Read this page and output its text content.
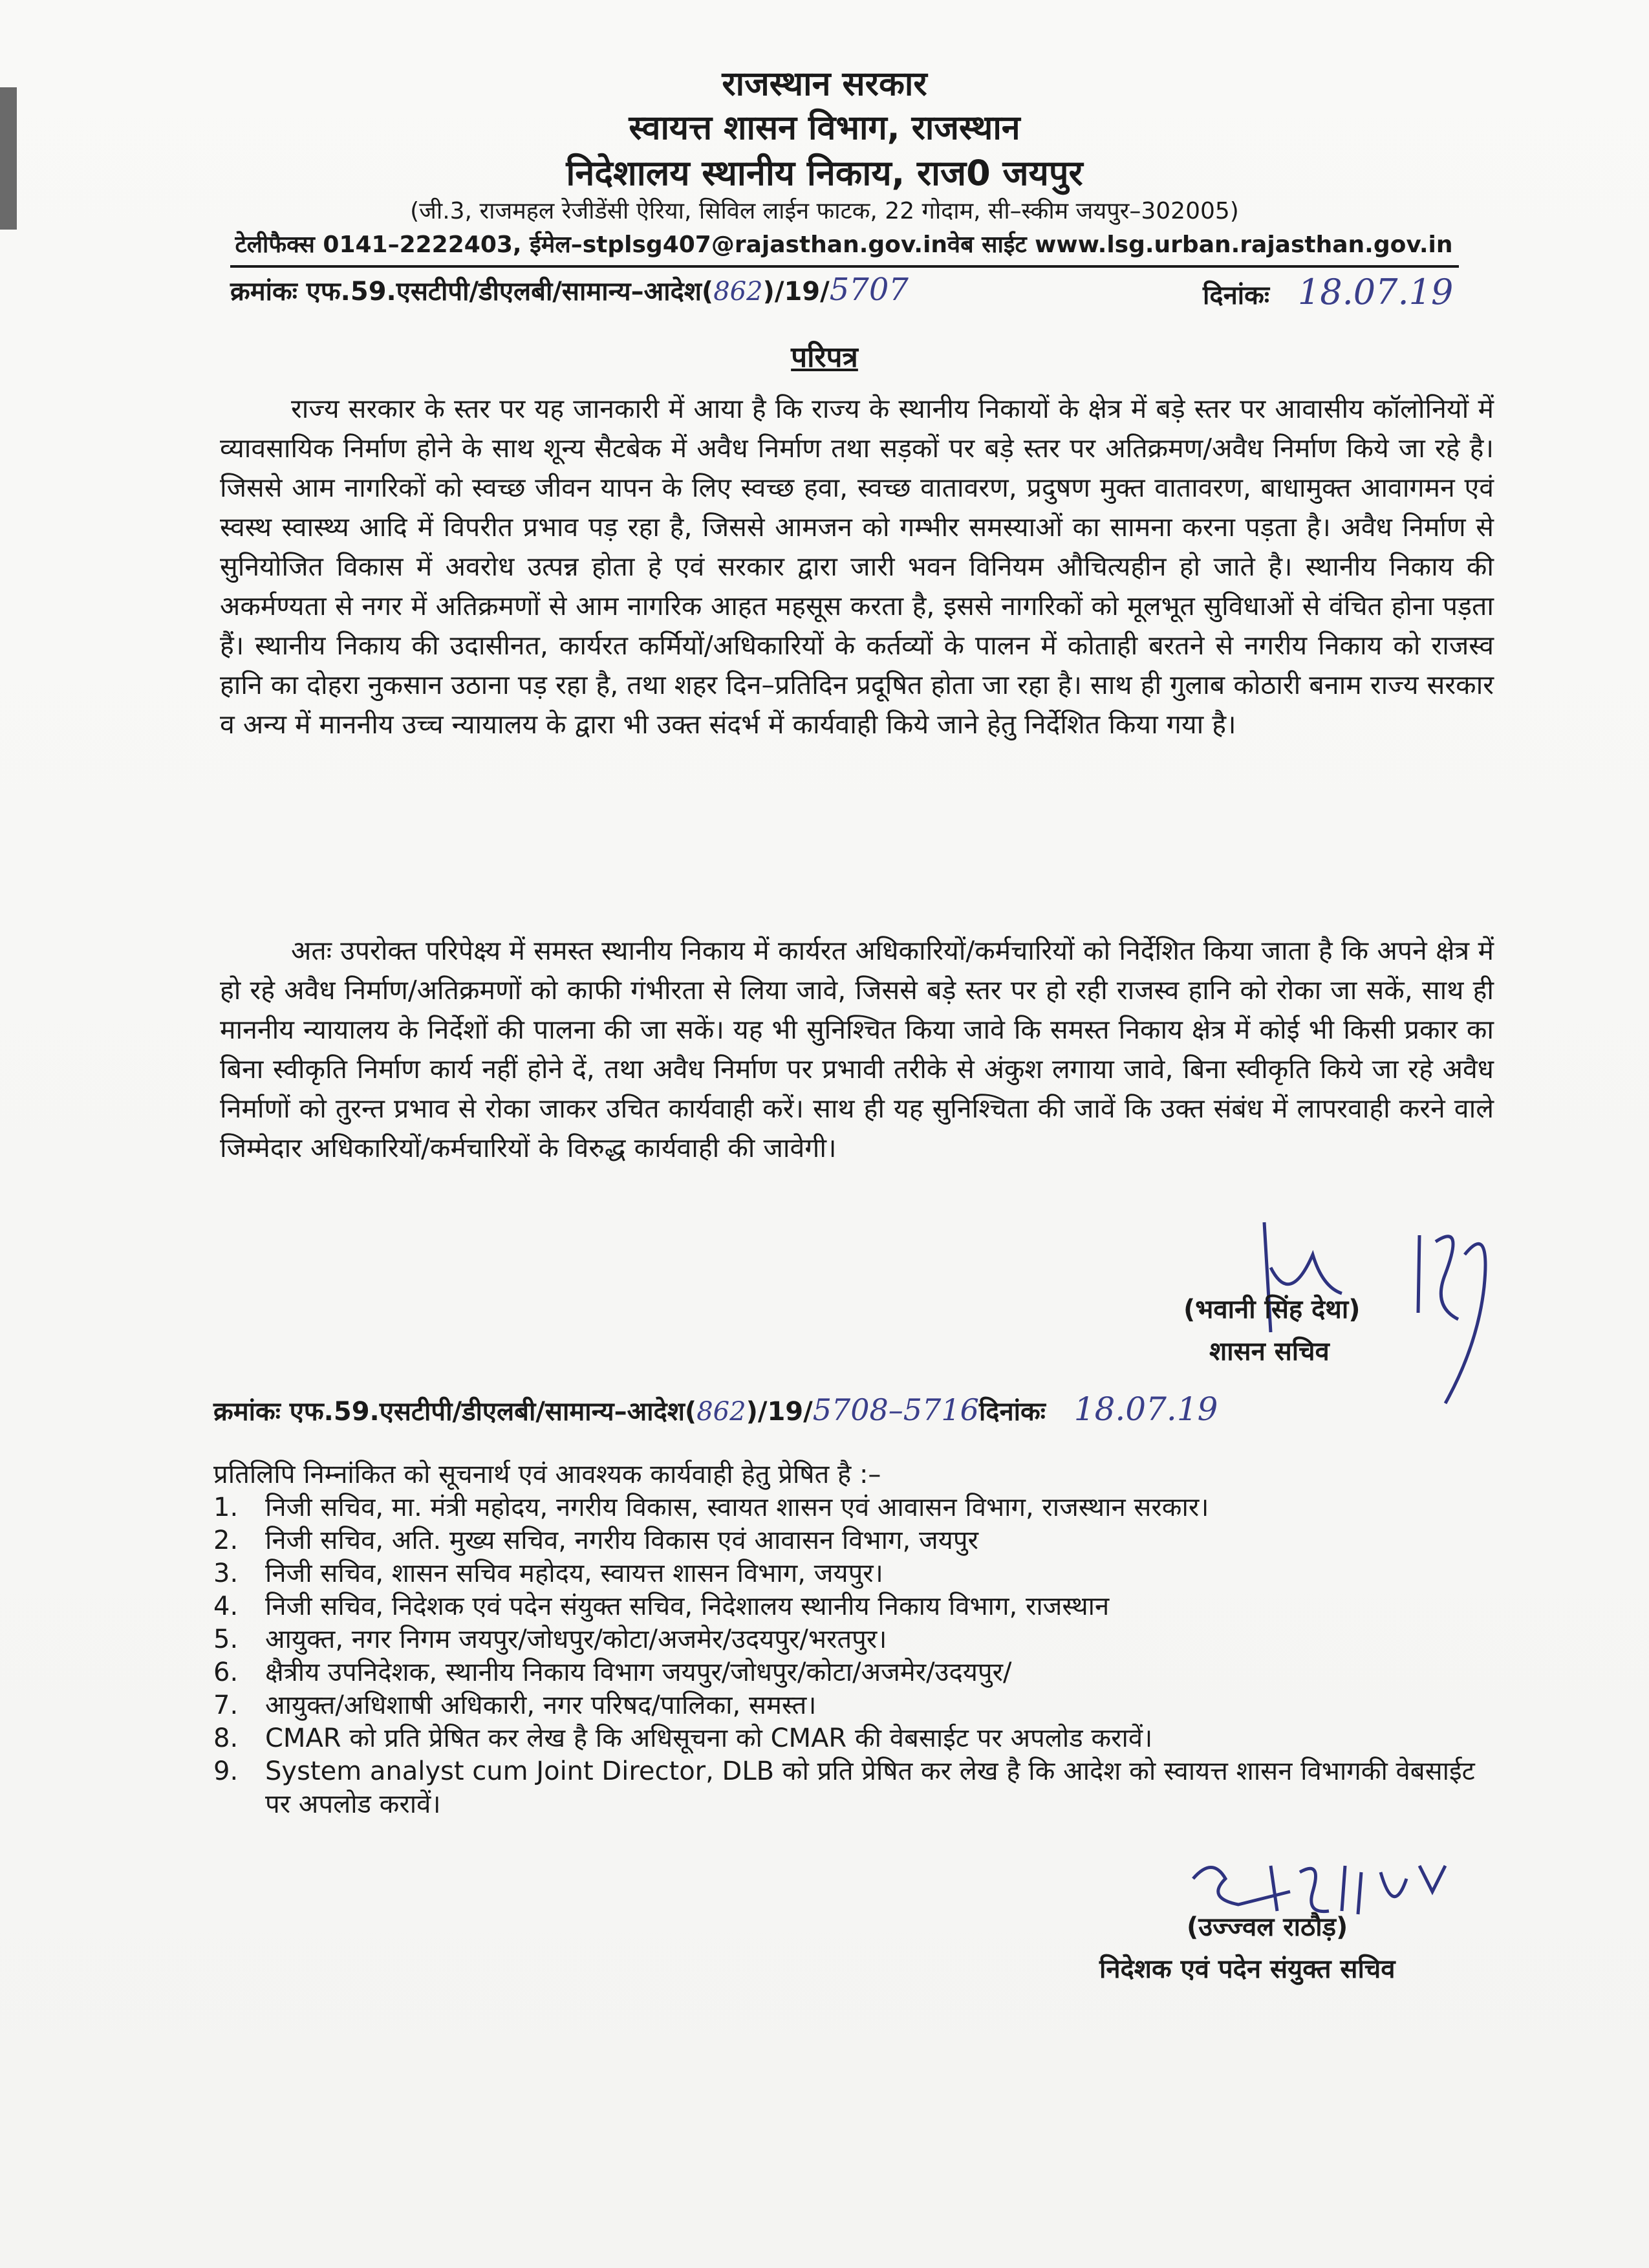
राजस्थान सरकार
स्वायत्त शासन विभाग, राजस्थान
निदेशालय स्थानीय निकाय, राज0 जयपुर
(जी.3, राजमहल रेजीडेंसी ऐरिया, सिविल लाईन फाटक, 22 गोदाम, सी–स्कीम जयपुर–302005)
टेलीफैक्स 0141–2222403, ईमेल–stplsg407@rajasthan.gov.inवेब साईट www.lsg.urban.rajasthan.gov.in
क्रमांकः एफ.59.एसटीपी/डीएलबी/सामान्य–आदेश(862)/19/5707	दिनांकः 18.07.19
परिपत्र

राज्य सरकार के स्तर पर यह जानकारी में आया है कि राज्य के स्थानीय निकायों के क्षेत्र में बड़े स्तर पर आवासीय कॉलोनियों में व्यावसायिक निर्माण होने के साथ शून्य सैटबेक में अवैध निर्माण तथा सड़कों पर बड़े स्तर पर अतिक्रमण/अवैध निर्माण किये जा रहे है। जिससे आम नागरिकों को स्वच्छ जीवन यापन के लिए स्वच्छ हवा, स्वच्छ वातावरण, प्रदुषण मुक्त वातावरण, बाधामुक्त आवागमन एवं स्वस्थ स्वास्थ्य आदि में विपरीत प्रभाव पड़ रहा है, जिससे आमजन को गम्भीर समस्याओं का सामना करना पड़ता है। अवैध निर्माण से सुनियोजित विकास में अवरोध उत्पन्न होता हे एवं सरकार द्वारा जारी भवन विनियम औचित्यहीन हो जाते है। स्थानीय निकाय की अकर्मण्यता से नगर में अतिक्रमणों से आम नागरिक आहत महसूस करता है, इससे नागरिकों को मूलभूत सुविधाओं से वंचित होना पड़ता हैं। स्थानीय निकाय की उदासीनत, कार्यरत कर्मियों/अधिकारियों के कर्तव्यों के पालन में कोताही बरतने से नगरीय निकाय को राजस्व हानि का दोहरा नुकसान उठाना पड़ रहा है, तथा शहर दिन–प्रतिदिन प्रदूषित होता जा रहा है। साथ ही गुलाब कोठारी बनाम राज्य सरकार व अन्य में माननीय उच्च न्यायालय के द्वारा भी उक्त संदर्भ में कार्यवाही किये जाने हेतु निर्देशित किया गया है।

अतः उपरोक्त परिपेक्ष्य में समस्त स्थानीय निकाय में कार्यरत अधिकारियों/कर्मचारियों को निर्देशित किया जाता है कि अपने क्षेत्र में हो रहे अवैध निर्माण/अतिक्रमणों को काफी गंभीरता से लिया जावे, जिससे बड़े स्तर पर हो रही राजस्व हानि को रोका जा सकें, साथ ही माननीय न्यायालय के निर्देशों की पालना की जा सकें। यह भी सुनिश्चित किया जावे कि समस्त निकाय क्षेत्र में कोई भी किसी प्रकार का बिना स्वीकृति निर्माण कार्य नहीं होने दें, तथा अवैध निर्माण पर प्रभावी तरीके से अंकुश लगाया जावे, बिना स्वीकृति किये जा रहे अवैध निर्माणों को तुरन्त प्रभाव से रोका जाकर उचित कार्यवाही करें। साथ ही यह सुनिश्चिता की जावें कि उक्त संबंध में लापरवाही करने वाले जिम्मेदार अधिकारियों/कर्मचारियों के विरुद्ध कार्यवाही की जावेगी।

(भवानी सिंह देथा)
शासन सचिव
क्रमांकः एफ.59.एसटीपी/डीएलबी/सामान्य–आदेश(862)/19/5708–5716दिनांकः 18.07.19
प्रतिलिपि निम्नांकित को सूचनार्थ एवं आवश्यक कार्यवाही हेतु प्रेषित है :–
1.	निजी सचिव, मा. मंत्री महोदय, नगरीय विकास, स्वायत शासन एवं आवासन विभाग, राजस्थान सरकार।
2.	निजी सचिव, अति. मुख्य सचिव, नगरीय विकास एवं आवासन विभाग, जयपुर
3.	निजी सचिव, शासन सचिव महोदय, स्वायत्त शासन विभाग, जयपुर।
4.	निजी सचिव, निदेशक एवं पदेन संयुक्त सचिव, निदेशालय स्थानीय निकाय विभाग, राजस्थान
5.	आयुक्त, नगर निगम जयपुर/जोधपुर/कोटा/अजमेर/उदयपुर/भरतपुर।
6.	क्षैत्रीय उपनिदेशक, स्थानीय निकाय विभाग जयपुर/जोधपुर/कोटा/अजमेर/उदयपुर/
7.	आयुक्त/अधिशाषी अधिकारी, नगर परिषद/पालिका, समस्त।
8.	CMAR को प्रति प्रेषित कर लेख है कि अधिसूचना को CMAR की वेबसाईट पर अपलोड करावें।
9.	System analyst cum Joint Director, DLB को प्रति प्रेषित कर लेख है कि आदेश को स्वायत्त शासन विभागकी वेबसाईट पर अपलोड करावें।
(उज्ज्वल राठौड़)
निदेशक एवं पदेन संयुक्त सचिव
